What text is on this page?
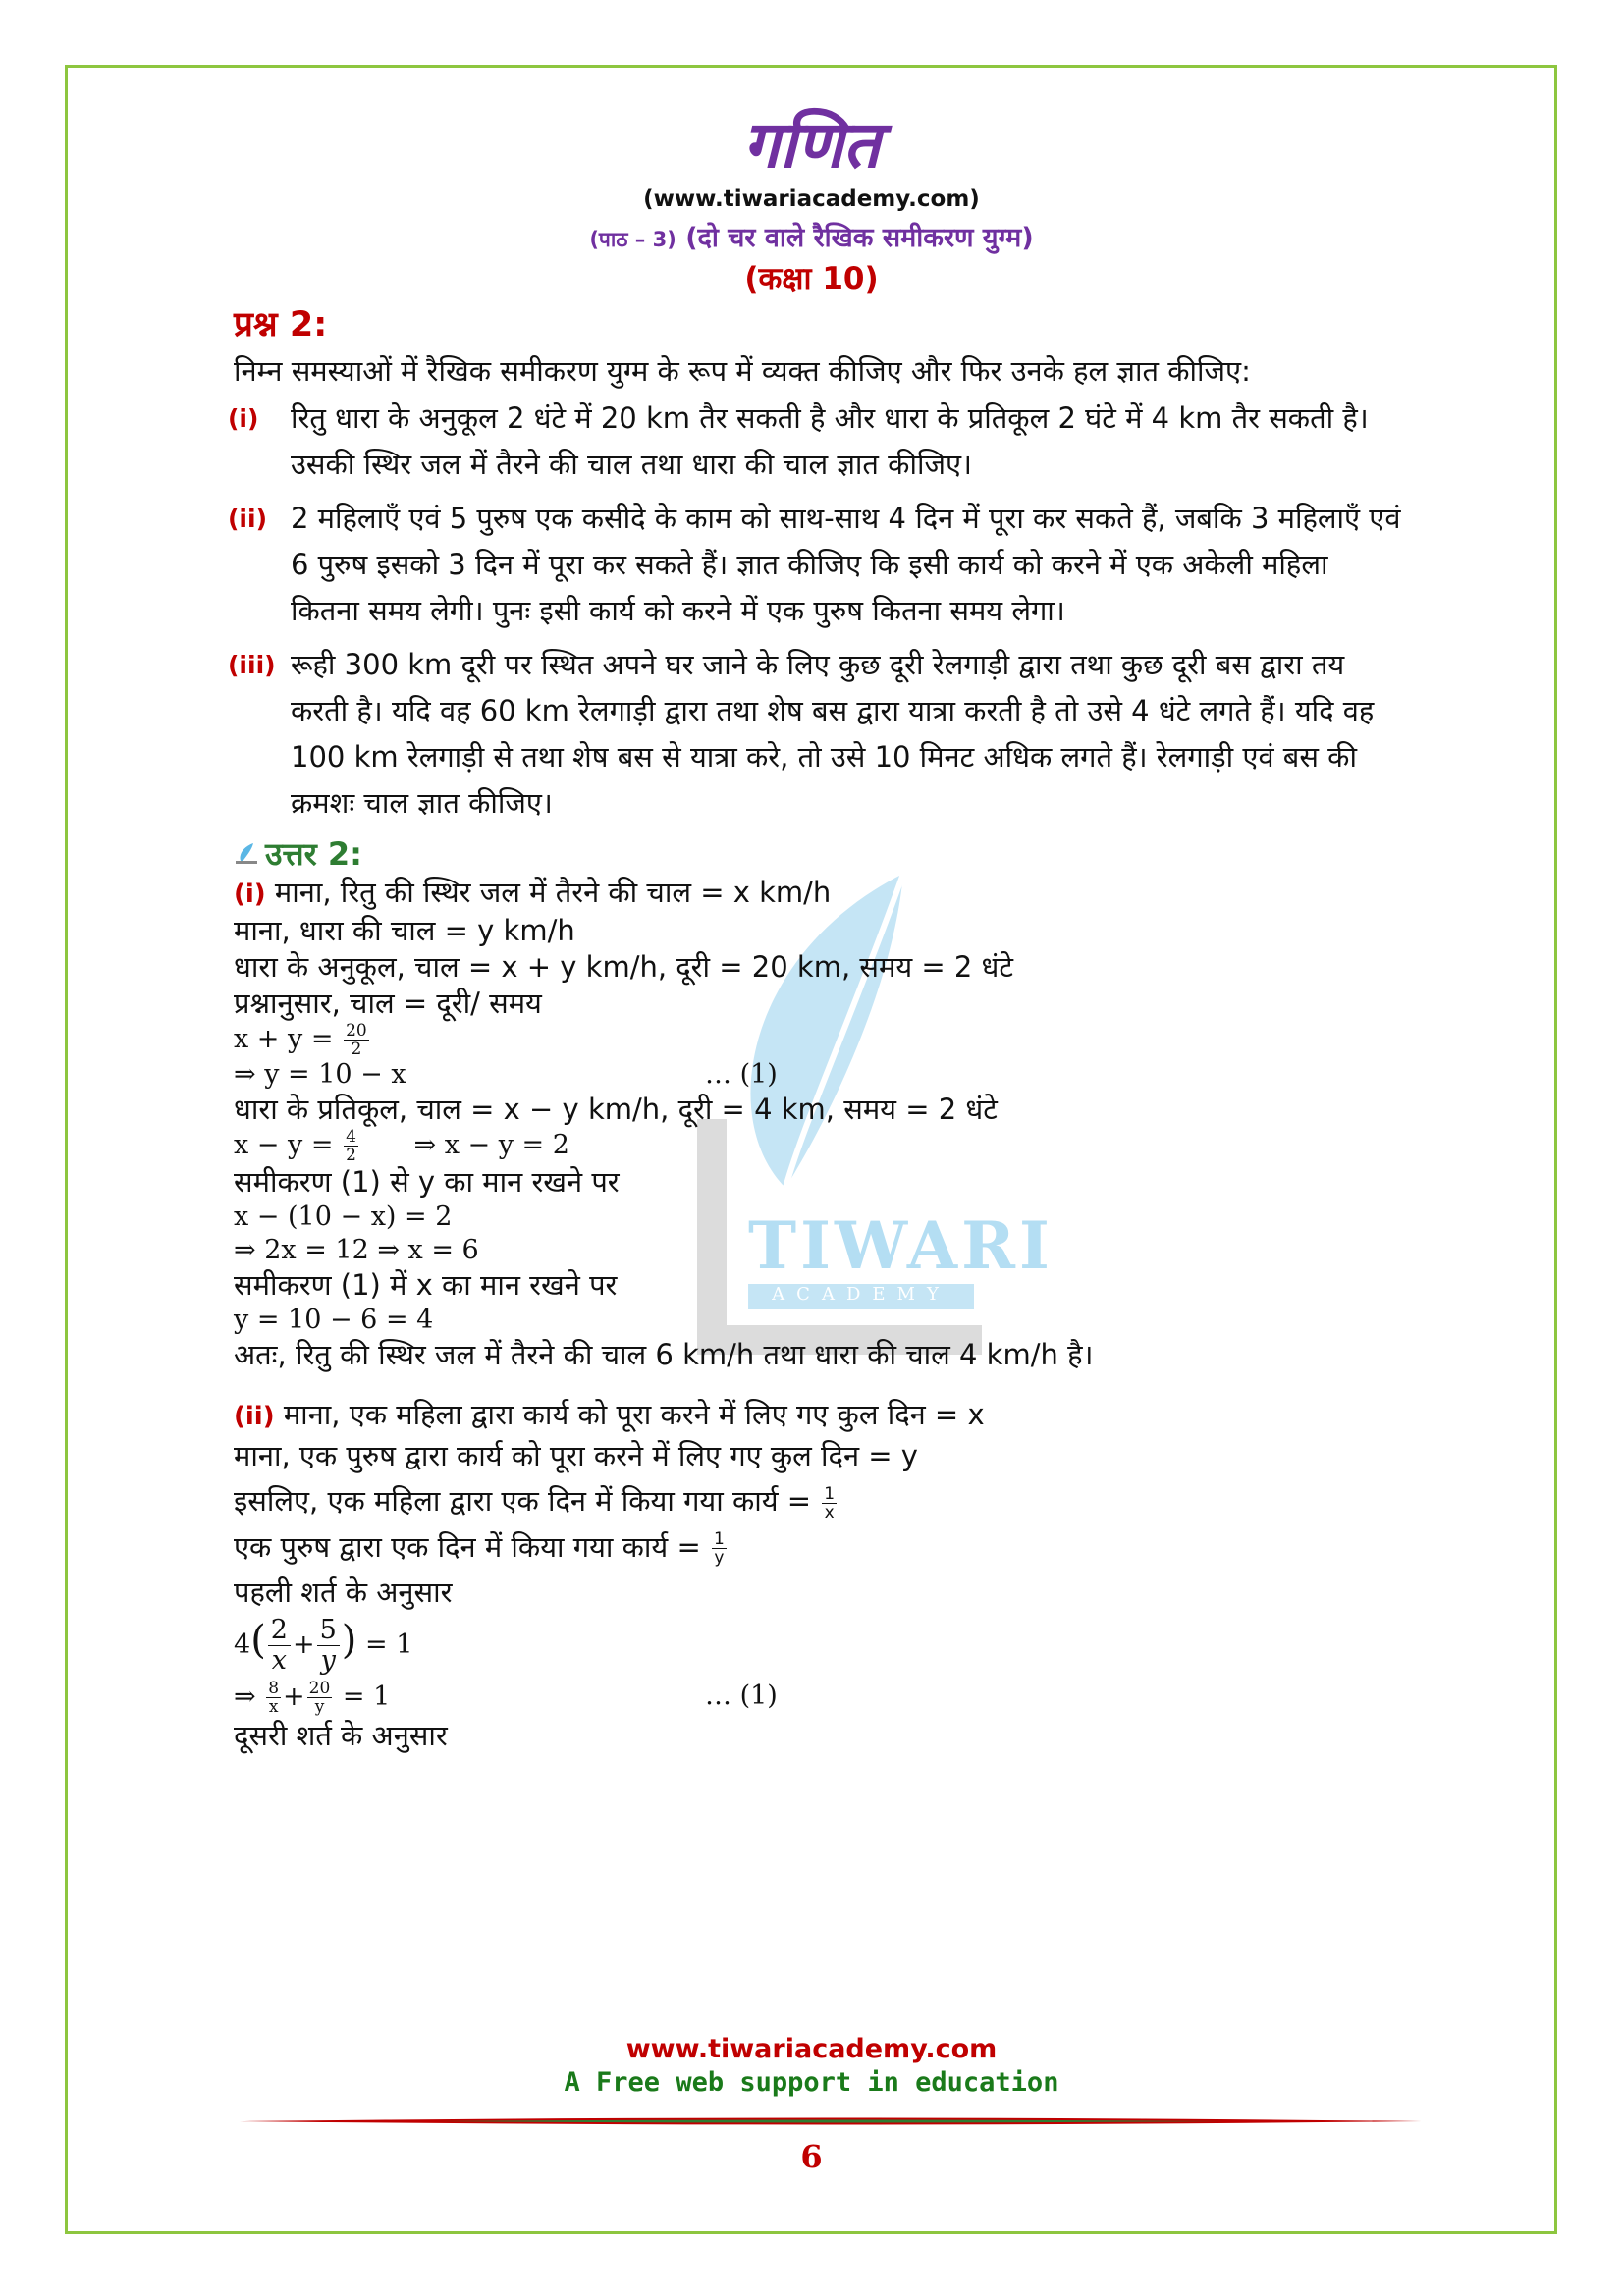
गणित
(www.tiwariacademy.com)
(पाठ – 3) (दो चर वाले रैखिक समीकरण युग्म)
(कक्षा 10)
TIWARI
ACADEMY
प्रश्न 2:
निम्न समस्याओं में रैखिक समीकरण युग्म के रूप में व्यक्त कीजिए और फिर उनके हल ज्ञात कीजिए:
(i) रितु धारा के अनुकूल 2 धंटे में 20 km तैर सकती है और धारा के प्रतिकूल 2 घंटे में 4 km तैर सकती है। उसकी स्थिर जल में तैरने की चाल तथा धारा की चाल ज्ञात कीजिए।
(ii) 2 महिलाएँ एवं 5 पुरुष एक कसीदे के काम को साथ-साथ 4 दिन में पूरा कर सकते हैं, जबकि 3 महिलाएँ एवं 6 पुरुष इसको 3 दिन में पूरा कर सकते हैं। ज्ञात कीजिए कि इसी कार्य को करने में एक अकेली महिला कितना समय लेगी। पुनः इसी कार्य को करने में एक पुरुष कितना समय लेगा।
(iii) रूही 300 km दूरी पर स्थित अपने घर जाने के लिए कुछ दूरी रेलगाड़ी द्वारा तथा कुछ दूरी बस द्वारा तय करती है। यदि वह 60 km रेलगाड़ी द्वारा तथा शेष बस द्वारा यात्रा करती है तो उसे 4 धंटे लगते हैं। यदि वह 100 km रेलगाड़ी से तथा शेष बस से यात्रा करे, तो उसे 10 मिनट अधिक लगते हैं। रेलगाड़ी एवं बस की क्रमशः चाल ज्ञात कीजिए।
उत्तर 2:
(i) माना, रितु की स्थिर जल में तैरने की चाल = x km/h
माना, धारा की चाल = y km/h
धारा के अनुकूल, चाल = x + y km/h, दूरी = 20 km, समय = 2 धंटे
प्रश्नानुसार, चाल = दूरी/ समय
$x + y = \frac{20}{2}$
⇒ y = 10 − x	… (1)
धारा के प्रतिकूल, चाल = x − y km/h, दूरी = 4 km, समय = 2 धंटे
$x - y = \frac{4}{2}$ ⇒ x − y = 2
समीकरण (1) से y का मान रखने पर
x − (10 − x) = 2
⇒ 2x = 12 ⇒ x = 6
समीकरण (1) में x का मान रखने पर
y = 10 − 6 = 4
अतः, रितु की स्थिर जल में तैरने की चाल 6 km/h तथा धारा की चाल 4 km/h है।
(ii) माना, एक महिला द्वारा कार्य को पूरा करने में लिए गए कुल दिन = x
माना, एक पुरुष द्वारा कार्य को पूरा करने में लिए गए कुल दिन = y
इसलिए, एक महिला द्वारा एक दिन में किया गया कार्य = $\frac{1}{x}$
एक पुरुष द्वारा एक दिन में किया गया कार्य = $\frac{1}{y}$
पहली शर्त के अनुसार
$4( \frac{2}{x} + \frac{5}{y}$ ) = 1
⇒ $\frac{8}{x} + \frac{20}{y} = 1$	… (1)
दूसरी शर्त के अनुसार
www.tiwariacademy.com
A Free web support in education
6
